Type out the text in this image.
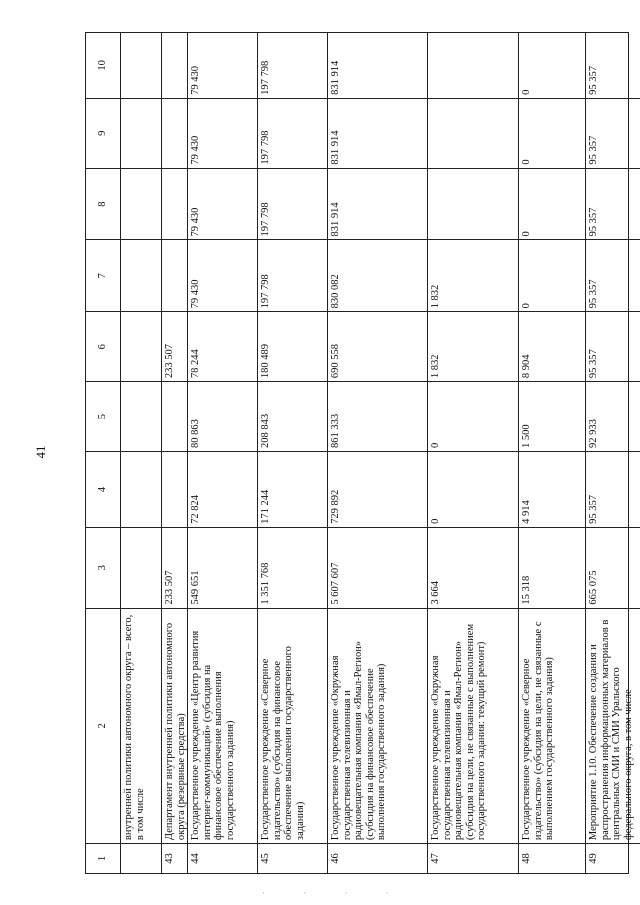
41
1
2
3
4
5
6
7
8
9
10
внутренней политики автономного округа – всего, в том числе
43
Департамент внутренней политики автономного округа (резервные средства)
233 507
233 507
44
Государственное учреждение «Центр развития интернет-коммуникаций» (субсидия на финансовое обеспечение выполнения государственного задания)
549 651
72 824
80 863
78 244
79 430
79 430
79 430
79 430
45
Государственное учреждение «Северное издательство» (субсидия на финансовое обеспечение выполнения государственного задания)
1 351 768
171 244
208 843
180 489
197 798
197 798
197 798
197 798
46
Государственное учреждение «Окружная государственная телевизионная и радиовещательная компания «Ямал-Регион» (субсидия на финансовое обеспечение выполнения государственного задания)
5 607 607
729 892
861 333
690 558
830 082
831 914
831 914
831 914
47
Государственное учреждение «Окружная государственная телевизионная и радиовещательная компания «Ямал-Регион» (субсидия на цели, не связанные с выполнением государственного задания: текущий ремонт)
3 664
0
0
1 832
1 832
48
Государственное учреждение «Северное издательство» (субсидия на цели, не связанные с выполнением государственного задания)
15 318
4 914
1 500
8 904
0
0
0
0
49
Мероприятие 1.10. Обеспечение создания и распространения информационных материалов в центральных СМИ и СМИ Уральского федерального округа, в том числе
665 075
95 357
92 933
95 357
95 357
95 357
95 357
95 357
· · · ·
